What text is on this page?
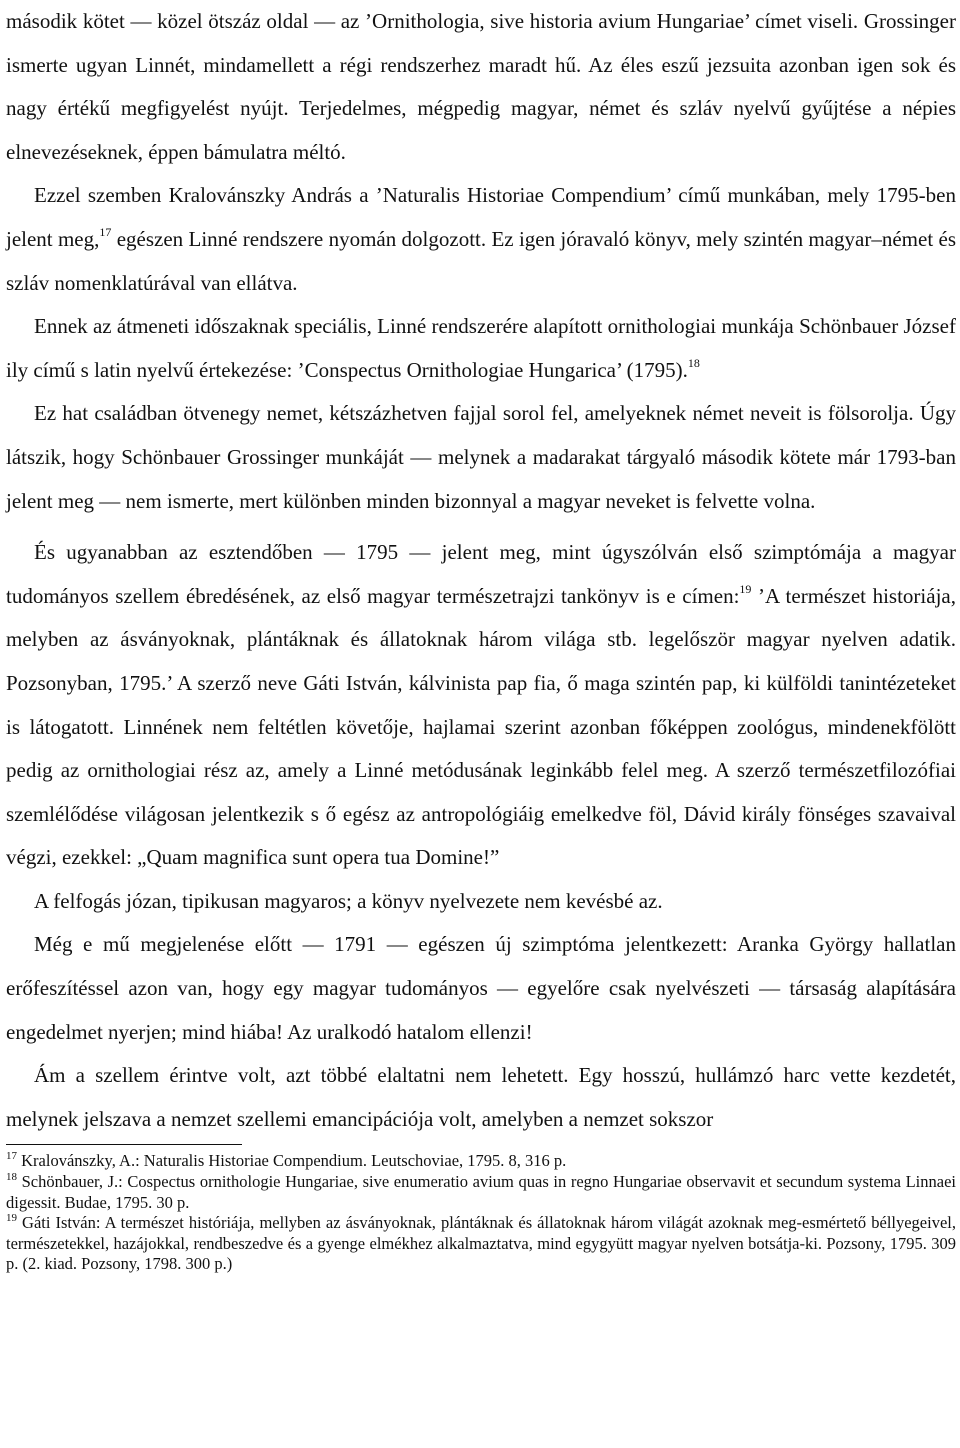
második kötet — közel ötszáz oldal — az ’Ornithologia, sive historia avium Hungariae’ címet viseli. Grossinger ismerte ugyan Linnét, mindamellett a régi rendszerhez maradt hű. Az éles eszű jezsuita azonban igen sok és nagy értékű megfigyelést nyújt. Terjedelmes, mégpedig magyar, német és szláv nyelvű gyűjtése a népies elnevezéseknek, éppen bámulatra méltó.

Ezzel szemben Kralovánszky András a ’Naturalis Historiae Compendium’ című munkában, mely 1795-ben jelent meg,$^{17}$ egészen Linné rendszere nyomán dolgozott. Ez igen jóravaló könyv, mely szintén magyar–német és szláv nomenklatúrával van ellátva.

Ennek az átmeneti időszaknak speciális, Linné rendszerére alapított ornithologiai munkája Schönbauer József ily című s latin nyelvű értekezése: ’Conspectus Ornithologiae Hungarica’ (1795).$^{18}$

Ez hat családban ötvenegy nemet, kétszázhetven fajjal sorol fel, amelyeknek német neveit is fölsorolja. Úgy látszik, hogy Schönbauer Grossinger munkáját — melynek a madarakat tárgyaló második kötete már 1793-ban jelent meg — nem ismerte, mert különben minden bizonnyal a magyar neveket is felvette volna.

És ugyanabban az esztendőben — 1795 — jelent meg, mint úgyszólván első szimptómája a magyar tudományos szellem ébredésének, az első magyar természetrajzi tankönyv is e címen:$^{19}$ ’A természet historiája, melyben az ásványoknak, plántáknak és állatoknak három világa stb. legelőször magyar nyelven adatik. Pozsonyban, 1795.’ A szerző neve Gáti István, kálvinista pap fia, ő maga szintén pap, ki külföldi tanintézeteket is látogatott. Linnének nem feltétlen követője, hajlamai szerint azonban főképpen zoológus, mindenekfölött pedig az ornithologiai rész az, amely a Linné metódusának leginkább felel meg. A szerző természetfilozófiai szemlélődése világosan jelentkezik s ő egész az antropológiáig emelkedve föl, Dávid király fönséges szavaival végzi, ezekkel: „Quam magnifica sunt opera tua Domine!”

A felfogás józan, tipikusan magyaros; a könyv nyelvezete nem kevésbé az.

Még e mű megjelenése előtt — 1791 — egészen új szimptóma jelentkezett: Aranka György hallatlan erőfeszítéssel azon van, hogy egy magyar tudományos — egyelőre csak nyelvészeti — társaság alapítására engedelmet nyerjen; mind hiába! Az uralkodó hatalom ellenzi!

Ám a szellem érintve volt, azt többé elaltatni nem lehetett. Egy hosszú, hullámzó harc vette kezdetét, melynek jelszava a nemzet szellemi emancipációja volt, amelyben a nemzet sokszor

$^{17}$ Kralovánszky, A.: Naturalis Historiae Compendium. Leutschoviae, 1795. 8, 316 p.

$^{18}$ Schönbauer, J.: Cospectus ornithologie Hungariae, sive enumeratio avium quas in regno Hungariae observavit et secundum systema Linnaei digessit. Budae, 1795. 30 p.

$^{19}$ Gáti István: A természet históriája, mellyben az ásványoknak, plántáknak és állatoknak három világát azoknak meg-esmértető béllyegeivel, természetekkel, hazájokkal, rendbeszedve és a gyenge elmékhez alkalmaztatva, mind egygyütt magyar nyelven botsátja-ki. Pozsony, 1795. 309 p. (2. kiad. Pozsony, 1798. 300 p.)
